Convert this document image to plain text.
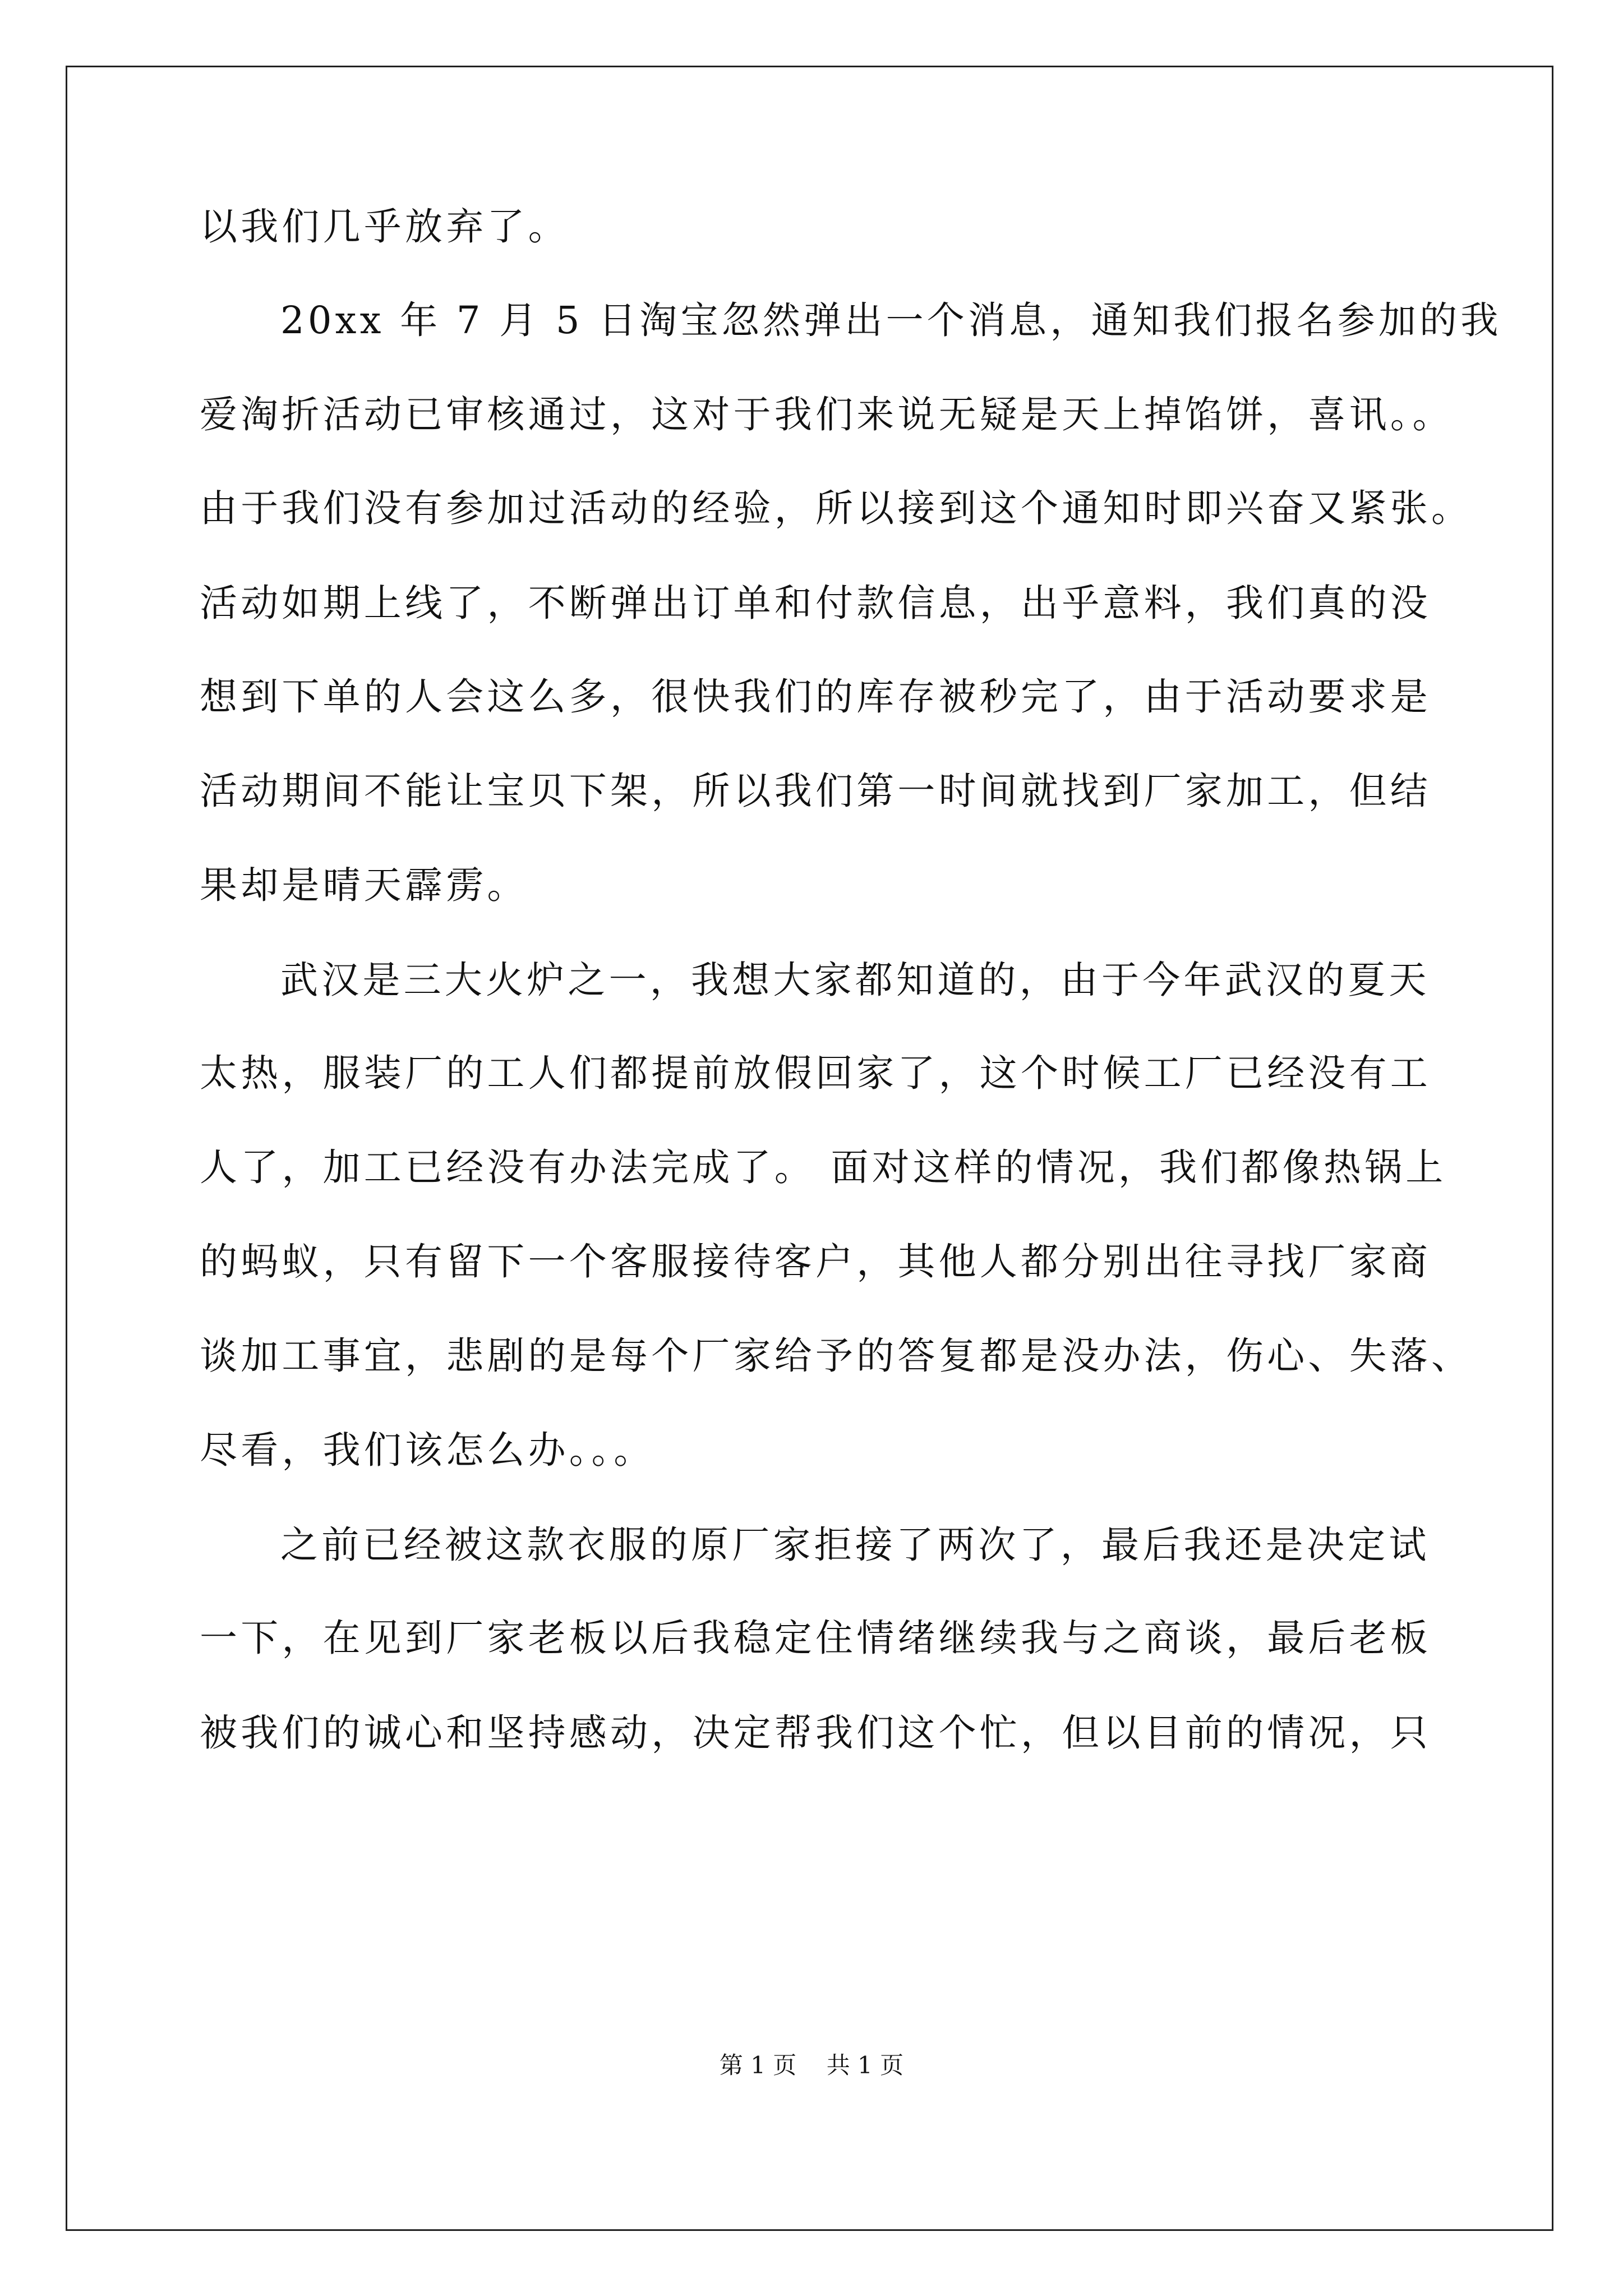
以我们几乎放弃了。
20xx 年 7 月 5 日淘宝忽然弹出一个消息，通知我们报名参加的我
爱淘折活动已审核通过，这对于我们来说无疑是天上掉馅饼，喜讯。。
由于我们没有参加过活动的经验，所以接到这个通知时即兴奋又紧张。
活动如期上线了，不断弹出订单和付款信息，出乎意料，我们真的没
想到下单的人会这么多，很快我们的库存被秒完了，由于活动要求是
活动期间不能让宝贝下架，所以我们第一时间就找到厂家加工，但结
果却是晴天霹雳。
武汉是三大火炉之一，我想大家都知道的，由于今年武汉的夏天
太热，服装厂的工人们都提前放假回家了，这个时候工厂已经没有工
人了，加工已经没有办法完成了。 面对这样的情况，我们都像热锅上
的蚂蚁，只有留下一个客服接待客户，其他人都分别出往寻找厂家商
谈加工事宜，悲剧的是每个厂家给予的答复都是没办法，伤心、失落、
尽看，我们该怎么办。。。
之前已经被这款衣服的原厂家拒接了两次了，最后我还是决定试
一下，在见到厂家老板以后我稳定住情绪继续我与之商谈，最后老板
被我们的诚心和坚持感动，决定帮我们这个忙，但以目前的情况，只
第 1 页    共 1 页
